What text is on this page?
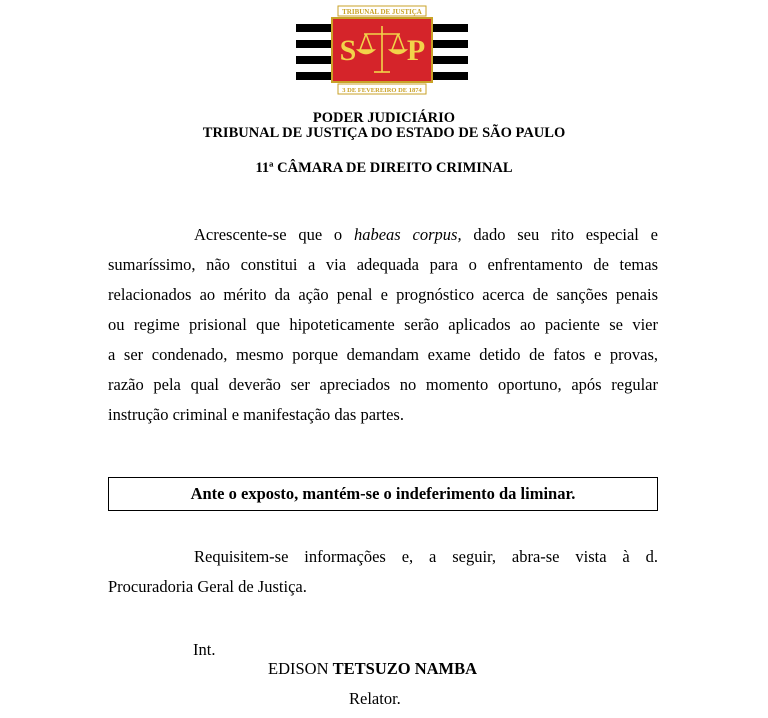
TRIBUNAL DE JUSTIÇA
S P
3 DE FEVEREIRO DE 1874
PODER JUDICIÁRIO
TRIBUNAL DE JUSTIÇA DO ESTADO DE SÃO PAULO
11ª CÂMARA DE DIREITO CRIMINAL
Acrescente-se que o habeas corpus, dado seu rito especial e
sumaríssimo, não constitui a via adequada para o enfrentamento de temas
relacionados ao mérito da ação penal e prognóstico acerca de sanções penais
ou regime prisional que hipoteticamente serão aplicados ao paciente se vier
a ser condenado, mesmo porque demandam exame detido de fatos e provas,
razão pela qual deverão ser apreciados no momento oportuno, após regular
instrução criminal e manifestação das partes.
Ante o exposto, mantém-se o indeferimento da liminar.
Requisitem-se informações e, a seguir, abra-se vista à d.
Procuradoria Geral de Justiça.
Int.
EDISON TETSUZO NAMBA
Relator.
